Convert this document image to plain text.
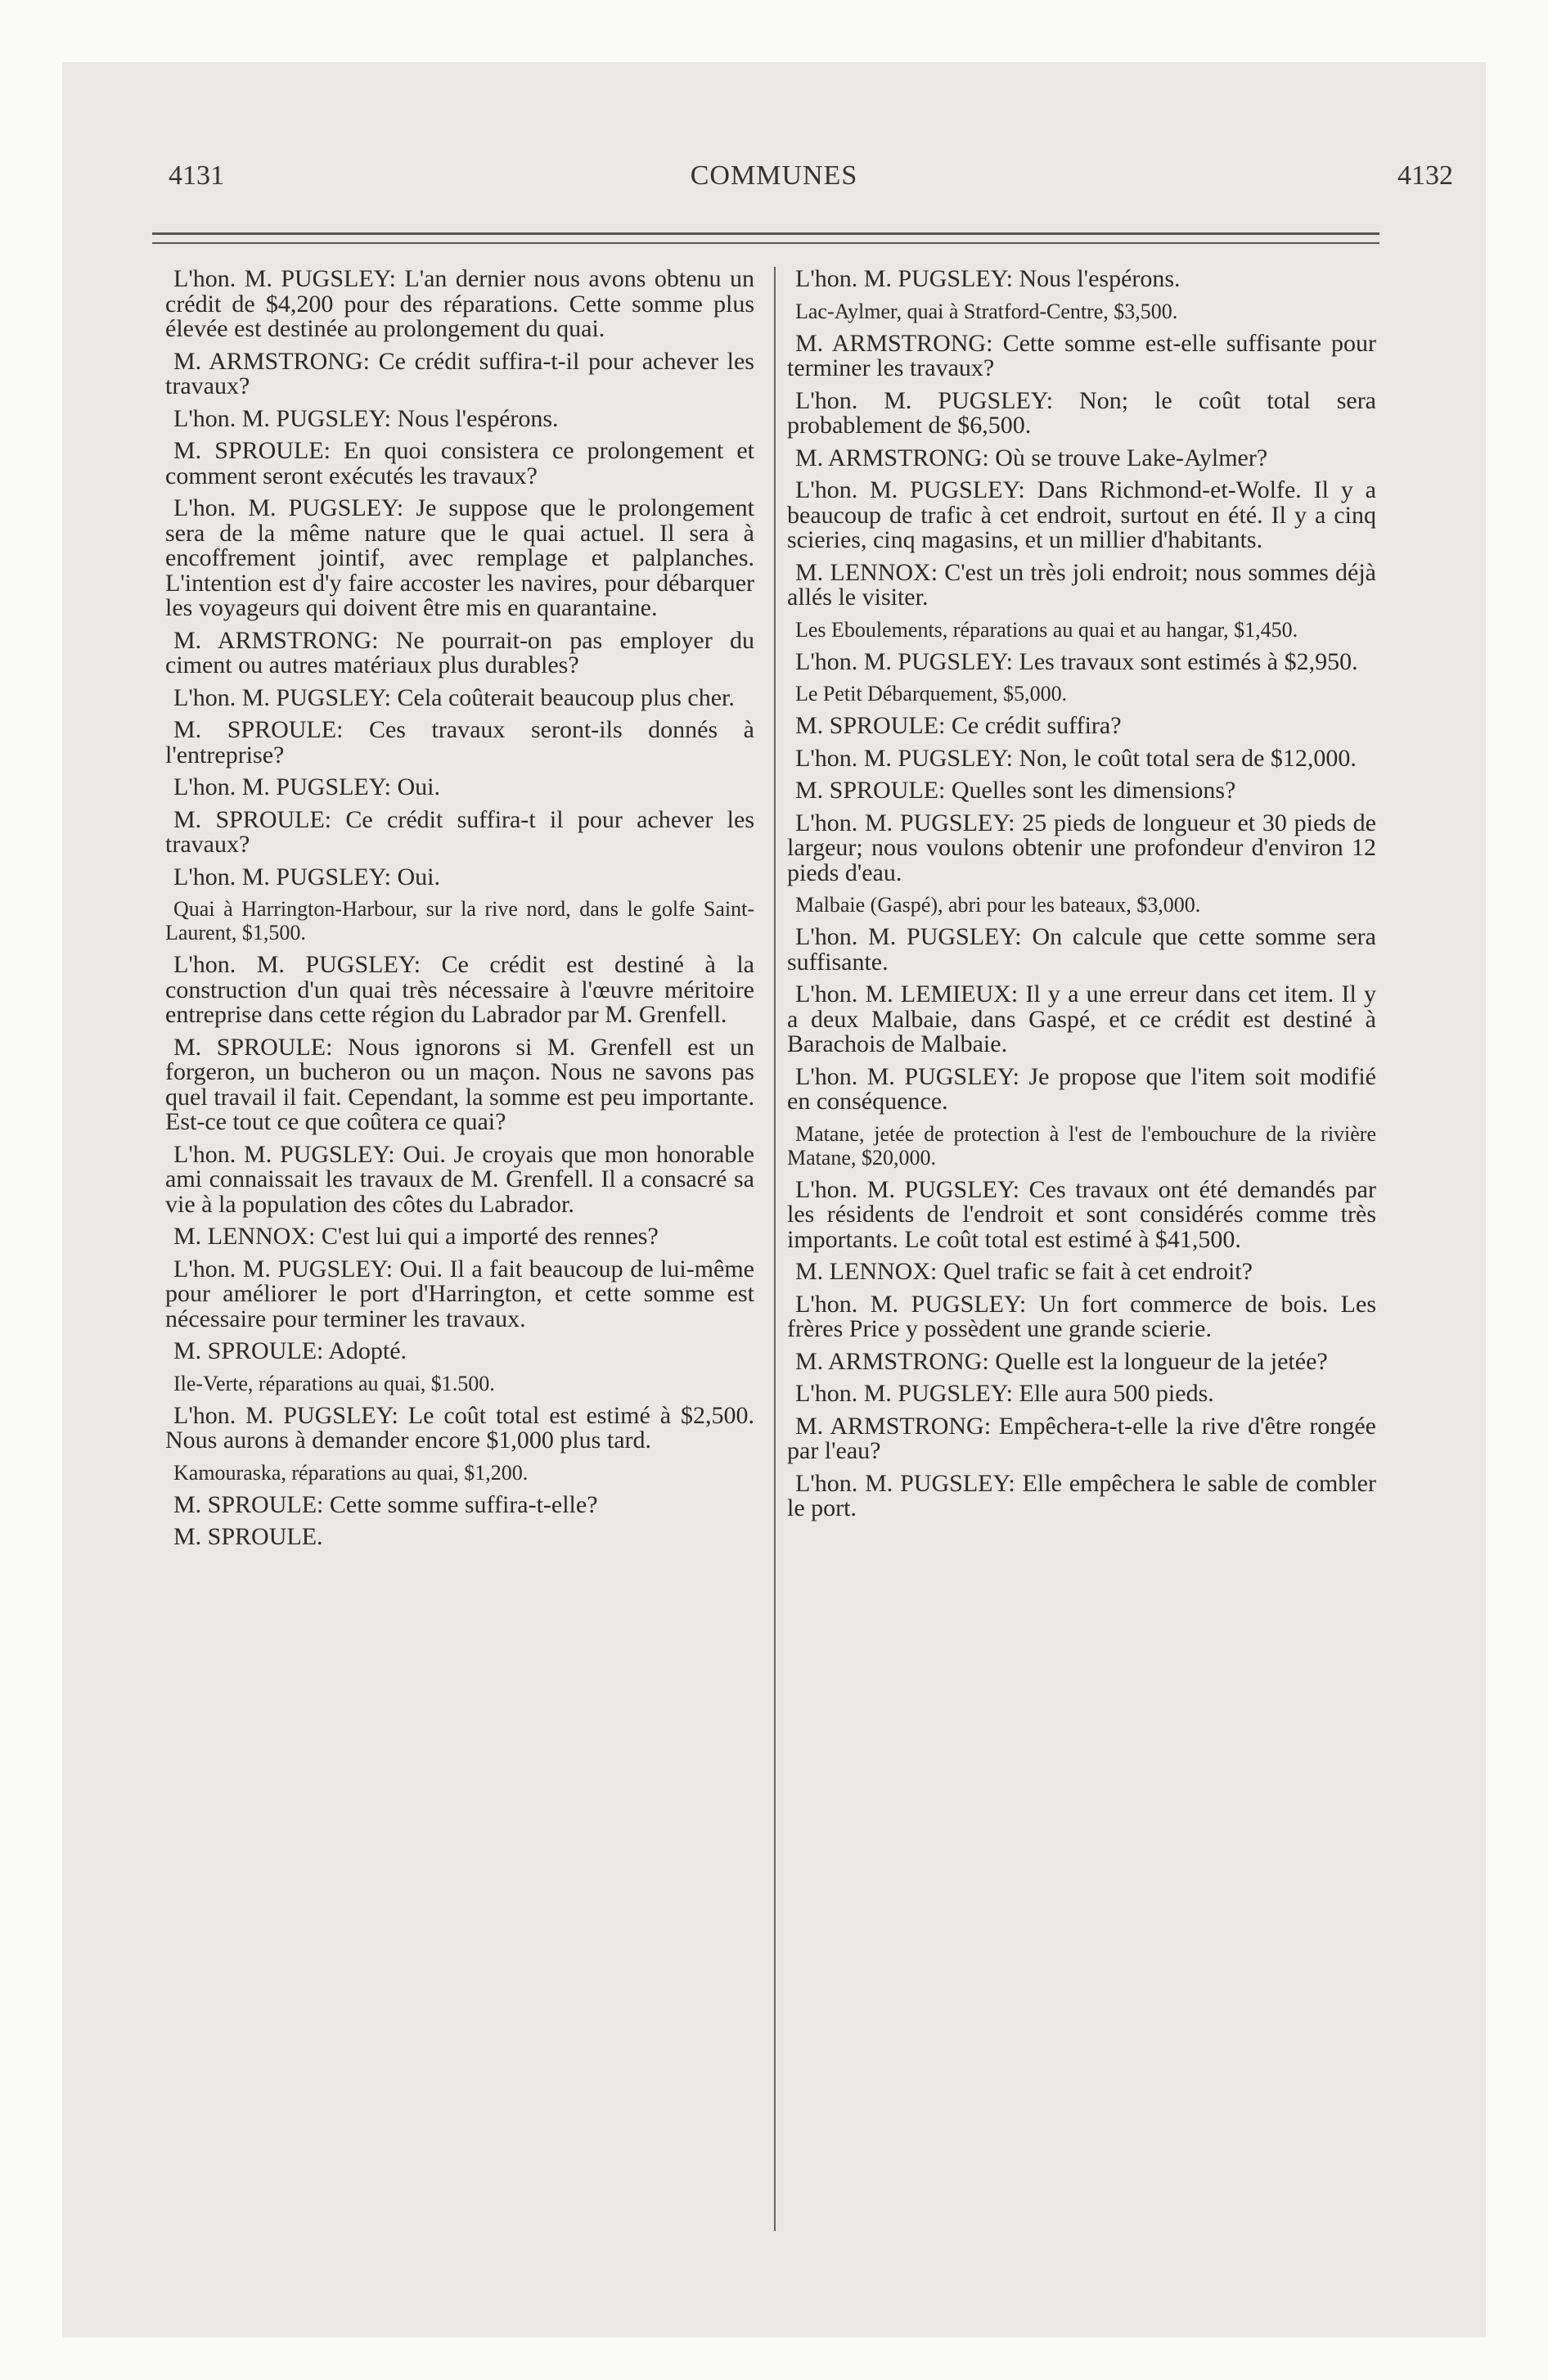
4131	COMMUNES	4132

L'hon. M. PUGSLEY: L'an dernier nous avons obtenu un crédit de $4,200 pour des réparations. Cette somme plus élevée est destinée au prolongement du quai.

M. ARMSTRONG: Ce crédit suffira-t-il pour achever les travaux?

L'hon. M. PUGSLEY: Nous l'espérons.

M. SPROULE: En quoi consistera ce prolongement et comment seront exécutés les travaux?

L'hon. M. PUGSLEY: Je suppose que le prolongement sera de la même nature que le quai actuel. Il sera à encoffrement jointif, avec remplage et palplanches. L'intention est d'y faire accoster les navires, pour débarquer les voyageurs qui doivent être mis en quarantaine.

M. ARMSTRONG: Ne pourrait-on pas employer du ciment ou autres matériaux plus durables?

L'hon. M. PUGSLEY: Cela coûterait beaucoup plus cher.

M. SPROULE: Ces travaux seront-ils donnés à l'entreprise?

L'hon. M. PUGSLEY: Oui.

M. SPROULE: Ce crédit suffira-t il pour achever les travaux?

L'hon. M. PUGSLEY: Oui.

Quai à Harrington-Harbour, sur la rive nord, dans le golfe Saint-Laurent, $1,500.

L'hon. M. PUGSLEY: Ce crédit est destiné à la construction d'un quai très nécessaire à l'œuvre méritoire entreprise dans cette région du Labrador par M. Grenfell.

M. SPROULE: Nous ignorons si M. Grenfell est un forgeron, un bucheron ou un maçon. Nous ne savons pas quel travail il fait. Cependant, la somme est peu importante. Est-ce tout ce que coûtera ce quai?

L'hon. M. PUGSLEY: Oui. Je croyais que mon honorable ami connaissait les travaux de M. Grenfell. Il a consacré sa vie à la population des côtes du Labrador.

M. LENNOX: C'est lui qui a importé des rennes?

L'hon. M. PUGSLEY: Oui. Il a fait beaucoup de lui-même pour améliorer le port d'Harrington, et cette somme est nécessaire pour terminer les travaux.

M. SPROULE: Adopté.

Ile-Verte, réparations au quai, $1.500.

L'hon. M. PUGSLEY: Le coût total est estimé à $2,500. Nous aurons à demander encore $1,000 plus tard.

Kamouraska, réparations au quai, $1,200.

M. SPROULE: Cette somme suffira-t-elle?

M. SPROULE.

L'hon. M. PUGSLEY: Nous l'espérons.

Lac-Aylmer, quai à Stratford-Centre, $3,500.

M. ARMSTRONG: Cette somme est-elle suffisante pour terminer les travaux?

L'hon. M. PUGSLEY: Non; le coût total sera probablement de $6,500.

M. ARMSTRONG: Où se trouve Lake-Aylmer?

L'hon. M. PUGSLEY: Dans Richmond-et-Wolfe. Il y a beaucoup de trafic à cet endroit, surtout en été. Il y a cinq scieries, cinq magasins, et un millier d'habitants.

M. LENNOX: C'est un très joli endroit; nous sommes déjà allés le visiter.

Les Eboulements, réparations au quai et au hangar, $1,450.

L'hon. M. PUGSLEY: Les travaux sont estimés à $2,950.

Le Petit Débarquement, $5,000.

M. SPROULE: Ce crédit suffira?

L'hon. M. PUGSLEY: Non, le coût total sera de $12,000.

M. SPROULE: Quelles sont les dimensions?

L'hon. M. PUGSLEY: 25 pieds de longueur et 30 pieds de largeur; nous voulons obtenir une profondeur d'environ 12 pieds d'eau.

Malbaie (Gaspé), abri pour les bateaux, $3,000.

L'hon. M. PUGSLEY: On calcule que cette somme sera suffisante.

L'hon. M. LEMIEUX: Il y a une erreur dans cet item. Il y a deux Malbaie, dans Gaspé, et ce crédit est destiné à Barachois de Malbaie.

L'hon. M. PUGSLEY: Je propose que l'item soit modifié en conséquence.

Matane, jetée de protection à l'est de l'embouchure de la rivière Matane, $20,000.

L'hon. M. PUGSLEY: Ces travaux ont été demandés par les résidents de l'endroit et sont considérés comme très importants. Le coût total est estimé à $41,500.

M. LENNOX: Quel trafic se fait à cet endroit?

L'hon. M. PUGSLEY: Un fort commerce de bois. Les frères Price y possèdent une grande scierie.

M. ARMSTRONG: Quelle est la longueur de la jetée?

L'hon. M. PUGSLEY: Elle aura 500 pieds.

M. ARMSTRONG: Empêchera-t-elle la rive d'être rongée par l'eau?

L'hon. M. PUGSLEY: Elle empêchera le sable de combler le port.
